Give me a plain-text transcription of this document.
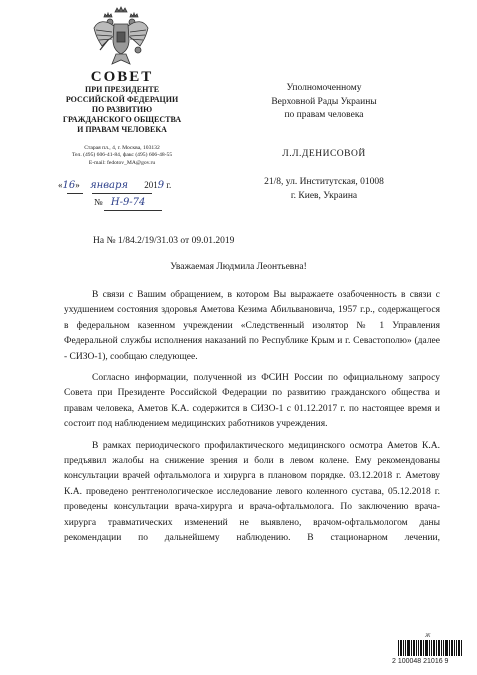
СОВЕТ
ПРИ ПРЕЗИДЕНТЕ
РОССИЙСКОЙ ФЕДЕРАЦИИ
ПО РАЗВИТИЮ
ГРАЖДАНСКОГО ОБЩЕСТВА
И ПРАВАМ ЧЕЛОВЕКА
Старая пл., 4, г. Москва, 103132
Тел. (495) 606-41-84, факс (495) 606-48-55
E-mail: fedotov_MA@gov.ru
«16» января 2019 г.
№ Н-9-74
Уполномоченному
Верховной Рады Украины
по правам человека
Л.Л.ДЕНИСОВОЙ
21/8, ул. Институтская, 01008
г. Киев, Украина
На № 1/84.2/19/31.03 от 09.01.2019
Уважаемая Людмила Леонтьевна!

В связи с Вашим обращением, в котором Вы выражаете озабоченность в связи с ухудшением состояния здоровья Аметова Кезима Абильвановича, 1957 г.р., содержащегося в федеральном казенном учреждении «Следственный изолятор № 1 Управления Федеральной службы исполнения наказаний по Республике Крым и г. Севастополю» (далее - СИЗО-1), сообщаю следующее.

Согласно информации, полученной из ФСИН России по официальному запросу Совета при Президенте Российской Федерации по развитию гражданского общества и правам человека, Аметов К.А. содержится в СИЗО-1 с 01.12.2017 г. по настоящее время и состоит под наблюдением медицинских работников учреждения.

В рамках периодического профилактического медицинского осмотра Аметов К.А. предъявил жалобы на снижение зрения и боли в левом колене. Ему рекомендованы консультации врачей офтальмолога и хирурга в плановом порядке. 03.12.2018 г. Аметову К.А. проведено рентгенологическое исследование левого коленного сустава, 05.12.2018 г. проведены консультации врача-хирурга и врача-офтальмолога. По заключению врача-хирурга травматических изменений не выявлено, врачом-офтальмологом даны рекомендации по дальнейшему наблюдению. В стационарном лечении,

Ж
2 100048 21016 9
